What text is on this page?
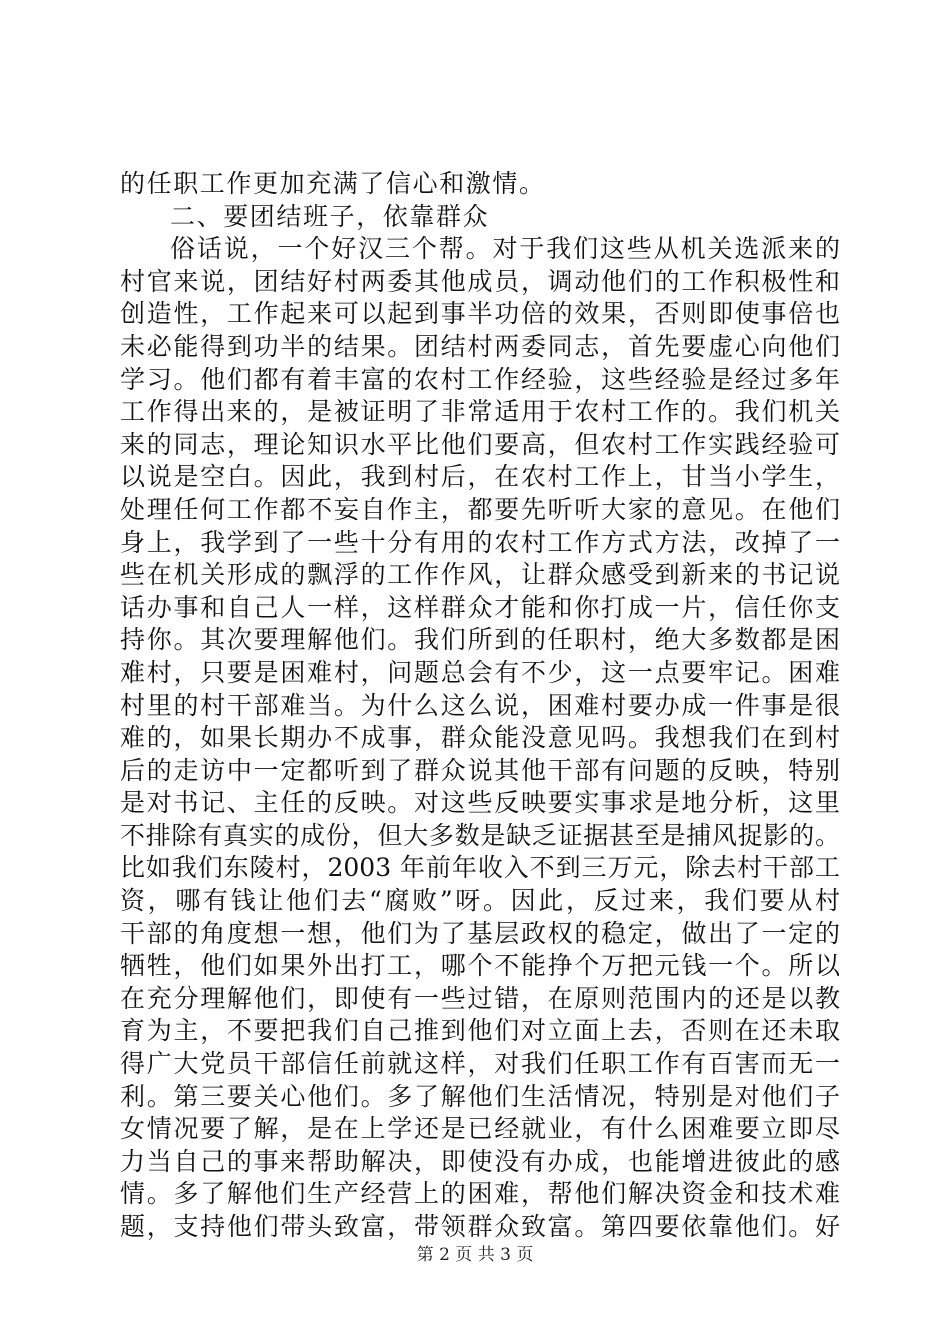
的任职工作更加充满了信心和激情。
二、要团结班子，依靠群众
俗话说，一个好汉三个帮。对于我们这些从机关选派来的
村官来说，团结好村两委其他成员，调动他们的工作积极性和
创造性，工作起来可以起到事半功倍的效果，否则即使事倍也
未必能得到功半的结果。团结村两委同志，首先要虚心向他们
学习。他们都有着丰富的农村工作经验，这些经验是经过多年
工作得出来的，是被证明了非常适用于农村工作的。我们机关
来的同志，理论知识水平比他们要高，但农村工作实践经验可
以说是空白。因此，我到村后，在农村工作上，甘当小学生，
处理任何工作都不妄自作主，都要先听听大家的意见。在他们
身上，我学到了一些十分有用的农村工作方式方法，改掉了一
些在机关形成的飘浮的工作作风，让群众感受到新来的书记说
话办事和自己人一样，这样群众才能和你打成一片，信任你支
持你。其次要理解他们。我们所到的任职村，绝大多数都是困
难村，只要是困难村，问题总会有不少，这一点要牢记。困难
村里的村干部难当。为什么这么说，困难村要办成一件事是很
难的，如果长期办不成事，群众能没意见吗。我想我们在到村
后的走访中一定都听到了群众说其他干部有问题的反映，特别
是对书记、主任的反映。对这些反映要实事求是地分析，这里
不排除有真实的成份，但大多数是缺乏证据甚至是捕风捉影的。
比如我们东陵村，2003 年前年收入不到三万元，除去村干部工
资，哪有钱让他们去“腐败”呀。因此，反过来，我们要从村
干部的角度想一想，他们为了基层政权的稳定，做出了一定的
牺牲，他们如果外出打工，哪个不能挣个万把元钱一个。所以
在充分理解他们，即使有一些过错，在原则范围内的还是以教
育为主，不要把我们自己推到他们对立面上去，否则在还未取
得广大党员干部信任前就这样，对我们任职工作有百害而无一
利。第三要关心他们。多了解他们生活情况，特别是对他们子
女情况要了解，是在上学还是已经就业，有什么困难要立即尽
力当自己的事来帮助解决，即使没有办成，也能增进彼此的感
情。多了解他们生产经营上的困难，帮他们解决资金和技术难
题，支持他们带头致富，带领群众致富。第四要依靠他们。好
第 2 页 共 3 页
